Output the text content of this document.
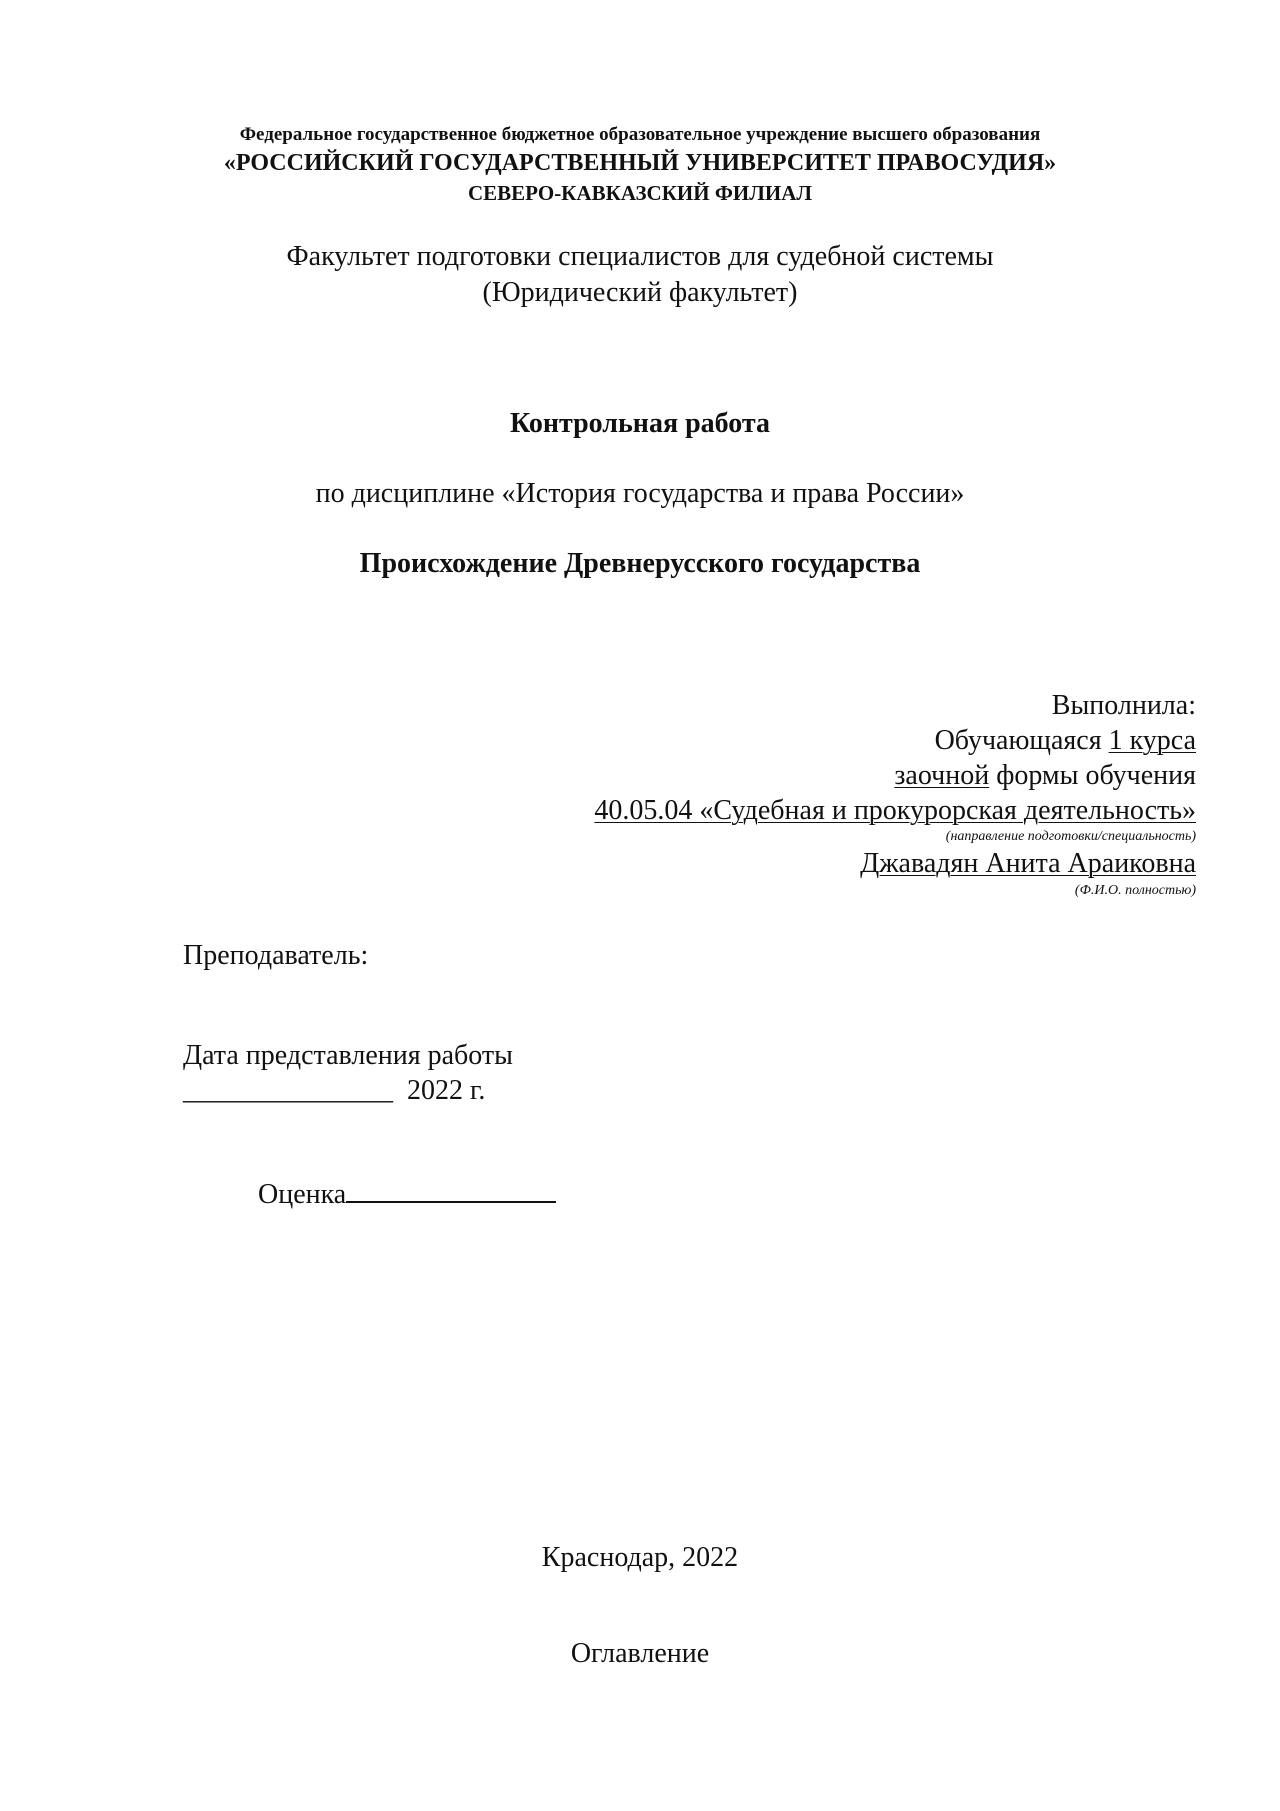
Федеральное государственное бюджетное образовательное учреждение высшего образования
«РОССИЙСКИЙ ГОСУДАРСТВЕННЫЙ УНИВЕРСИТЕТ ПРАВОСУДИЯ»
СЕВЕРО-КАВКАЗСКИЙ ФИЛИАЛ
Факультет подготовки специалистов для судебной системы
(Юридический факультет)
Контрольная работа
по дисциплине «История государства и права России»
Происхождение Древнерусского государства
Выполнила:
Обучающаяся 1 курса
заочной формы обучения
40.05.04 «Судебная и прокурорская деятельность»
(направление подготовки/специальность)
Джавадян Анита Араиковна
(Ф.И.О. полностью)
Преподаватель:
Дата представления работы
_______________ 2022 г.
Оценка
Краснодар, 2022
Оглавление
